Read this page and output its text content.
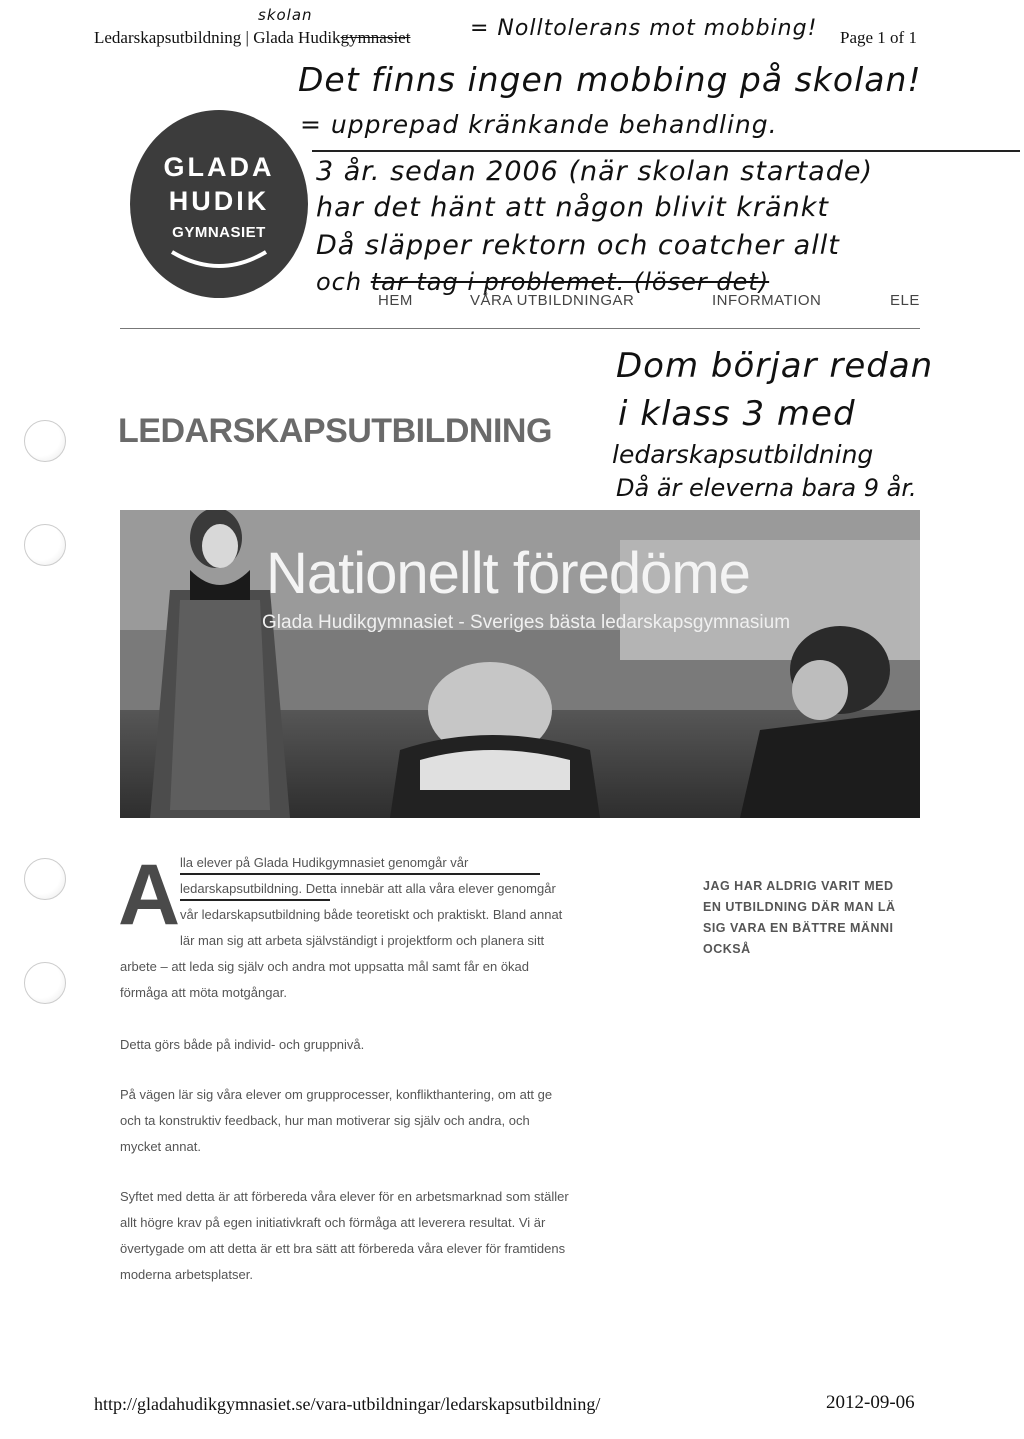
Ledarskapsutbildning | Glada Hudikgymnasiet	Page 1 of 1
skolan
= Nolltolerans mot mobbing!
Det finns ingen mobbing på skolan!
= upprepad kränkande behandling.
3 år. sedan 2006 (när skolan startade)
har det hänt att någon blivit kränkt
Då släpper rektorn och coatcher allt
och tar tag i problemet. (löser det)
GLADA
HUDIK
GYMNASIET
HEM	VÅRA UTBILDNINGAR	INFORMATION	ELE
LEDARSKAPSUTBILDNING
Dom börjar redan
i klass 3 med
ledarskapsutbildning
Då är eleverna bara 9 år.
Nationellt föredöme
Glada Hudikgymnasiet - Sveriges bästa ledarskapsgymnasium
A lla elever på Glada Hudikgymnasiet genomgår vår
ledarskapsutbildning. Detta innebär att alla våra elever genomgår
vår ledarskapsutbildning både teoretiskt och praktiskt. Bland annat
lär man sig att arbeta självständigt i projektform och planera sitt
arbete – att leda sig själv och andra mot uppsatta mål samt får en ökad
förmåga att möta motgångar.
Detta görs både på individ- och gruppnivå.
På vägen lär sig våra elever om grupprocesser, konflikthantering, om att ge
och ta konstruktiv feedback, hur man motiverar sig själv och andra, och
mycket annat.
Syftet med detta är att förbereda våra elever för en arbetsmarknad som ställer
allt högre krav på egen initiativkraft och förmåga att leverera resultat. Vi är
övertygade om att detta är ett bra sätt att förbereda våra elever för framtidens
moderna arbetsplatser.
JAG HAR ALDRIG VARIT MED
EN UTBILDNING DÄR MAN LÄ
SIG VARA EN BÄTTRE MÄNNI
OCKSÅ
http://gladahudikgymnasiet.se/vara-utbildningar/ledarskapsutbildning/	2012-09-06
